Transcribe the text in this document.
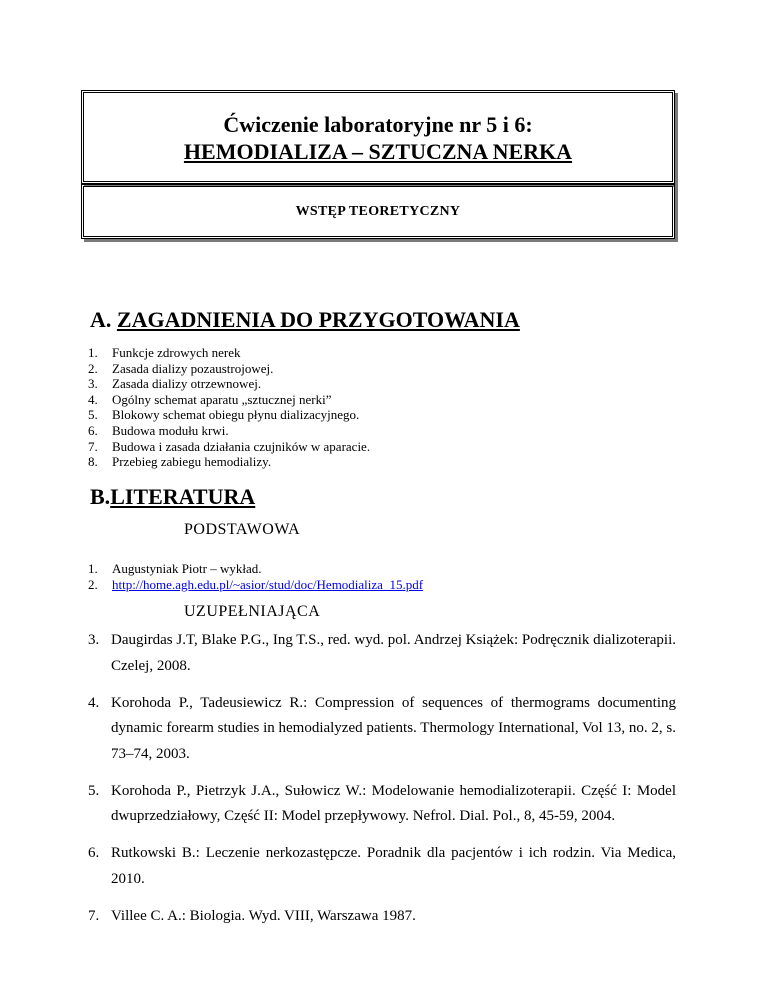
Ćwiczenie laboratoryjne nr 5 i 6:
HEMODIALIZA – SZTUCZNA NERKA
WSTĘP TEORETYCZNY
A. ZAGADNIENIA DO PRZYGOTOWANIA
1. Funkcje zdrowych nerek
2. Zasada dializy pozaustrojowej.
3. Zasada dializy otrzewnowej.
4. Ogólny schemat aparatu „sztucznej nerki”
5. Blokowy schemat obiegu płynu dializacyjnego.
6. Budowa modułu krwi.
7. Budowa i zasada działania czujników w aparacie.
8. Przebieg zabiegu hemodializy.
B.LITERATURA
PODSTAWOWA
1. Augustyniak Piotr – wykład.
2. http://home.agh.edu.pl/~asior/stud/doc/Hemodializa_15.pdf
UZUPEŁNIAJĄCA
3. Daugirdas J.T, Blake P.G., Ing T.S., red. wyd. pol. Andrzej Książek: Podręcznik dializoterapii. Czelej, 2008.
4. Korohoda P., Tadeusiewicz R.: Compression of sequences of thermograms documenting dynamic forearm studies in hemodialyzed patients. Thermology International, Vol 13, no. 2, s. 73–74, 2003.
5. Korohoda P., Pietrzyk J.A., Sułowicz W.: Modelowanie hemodializoterapii. Część I: Model dwuprzedziałowy, Część II: Model przepływowy. Nefrol. Dial. Pol., 8, 45-59, 2004.
6. Rutkowski B.: Leczenie nerkozastępcze. Poradnik dla pacjentów i ich rodzin. Via Medica, 2010.
7. Villee C. A.: Biologia. Wyd. VIII, Warszawa 1987.
